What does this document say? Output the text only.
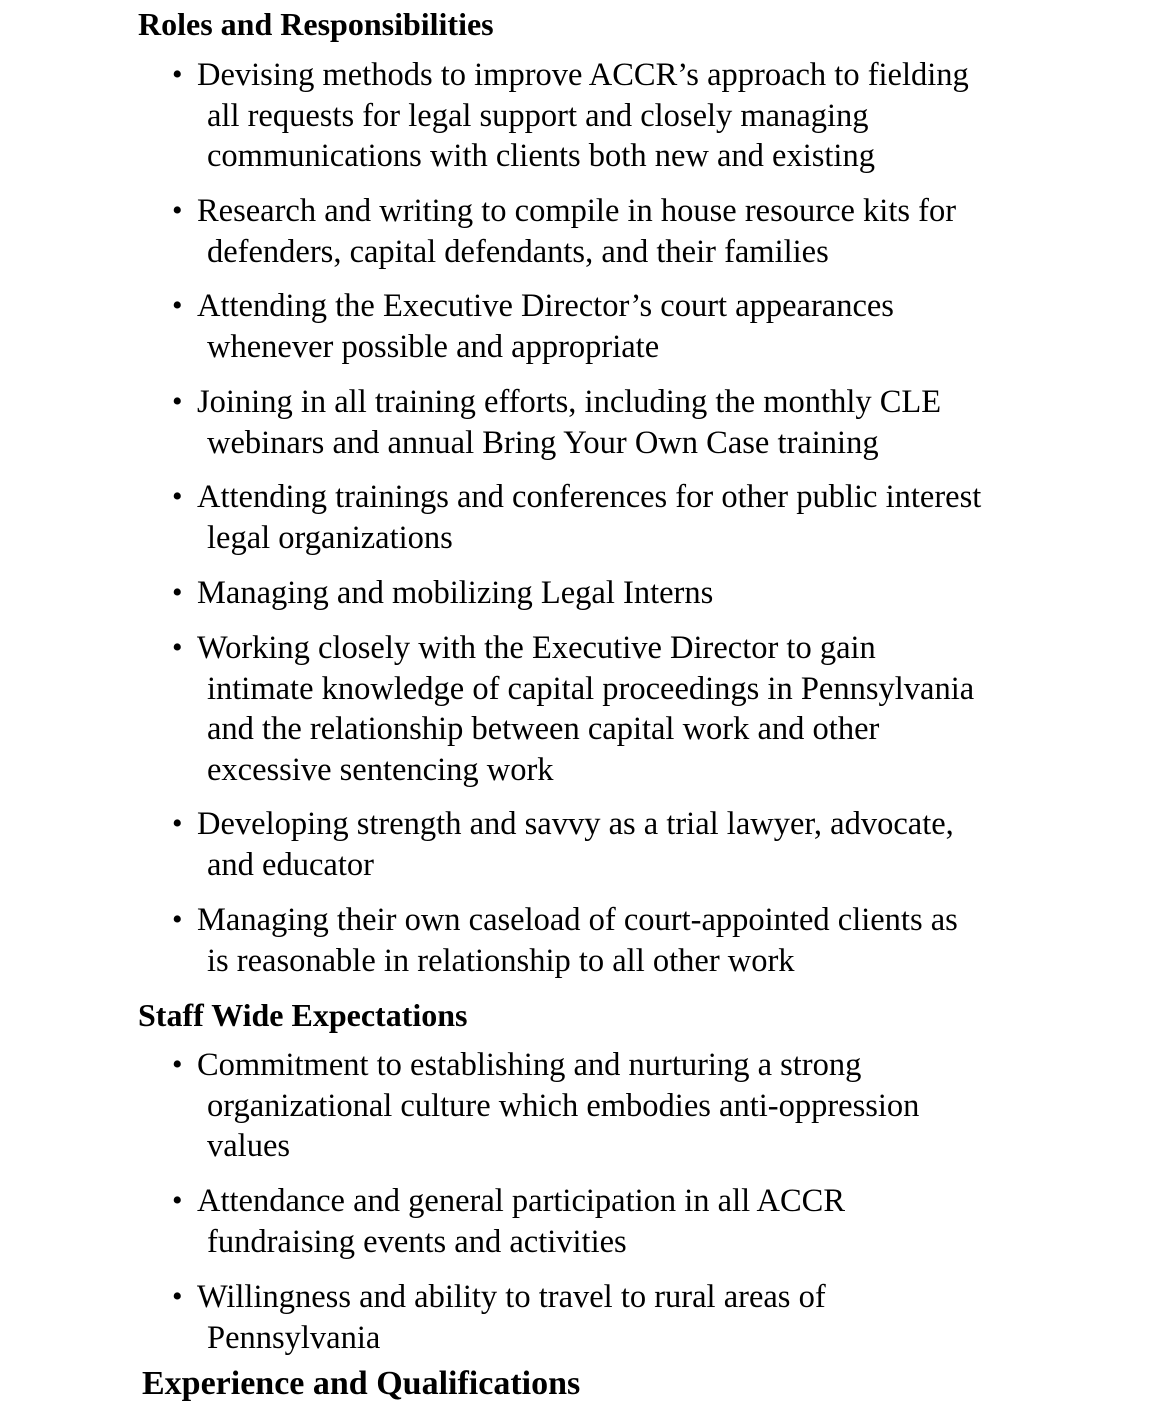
Roles and Responsibilities
• Devising methods to improve ACCR’s approach to fielding
all requests for legal support and closely managing
communications with clients both new and existing
• Research and writing to compile in house resource kits for
defenders, capital defendants, and their families
• Attending the Executive Director’s court appearances
whenever possible and appropriate
• Joining in all training efforts, including the monthly CLE
webinars and annual Bring Your Own Case training
• Attending trainings and conferences for other public interest
legal organizations
• Managing and mobilizing Legal Interns
• Working closely with the Executive Director to gain
intimate knowledge of capital proceedings in Pennsylvania
and the relationship between capital work and other
excessive sentencing work
• Developing strength and savvy as a trial lawyer, advocate,
and educator
• Managing their own caseload of court-appointed clients as
is reasonable in relationship to all other work
Staff Wide Expectations
• Commitment to establishing and nurturing a strong
organizational culture which embodies anti-oppression
values
• Attendance and general participation in all ACCR
fundraising events and activities
• Willingness and ability to travel to rural areas of
Pennsylvania
Experience and Qualifications
